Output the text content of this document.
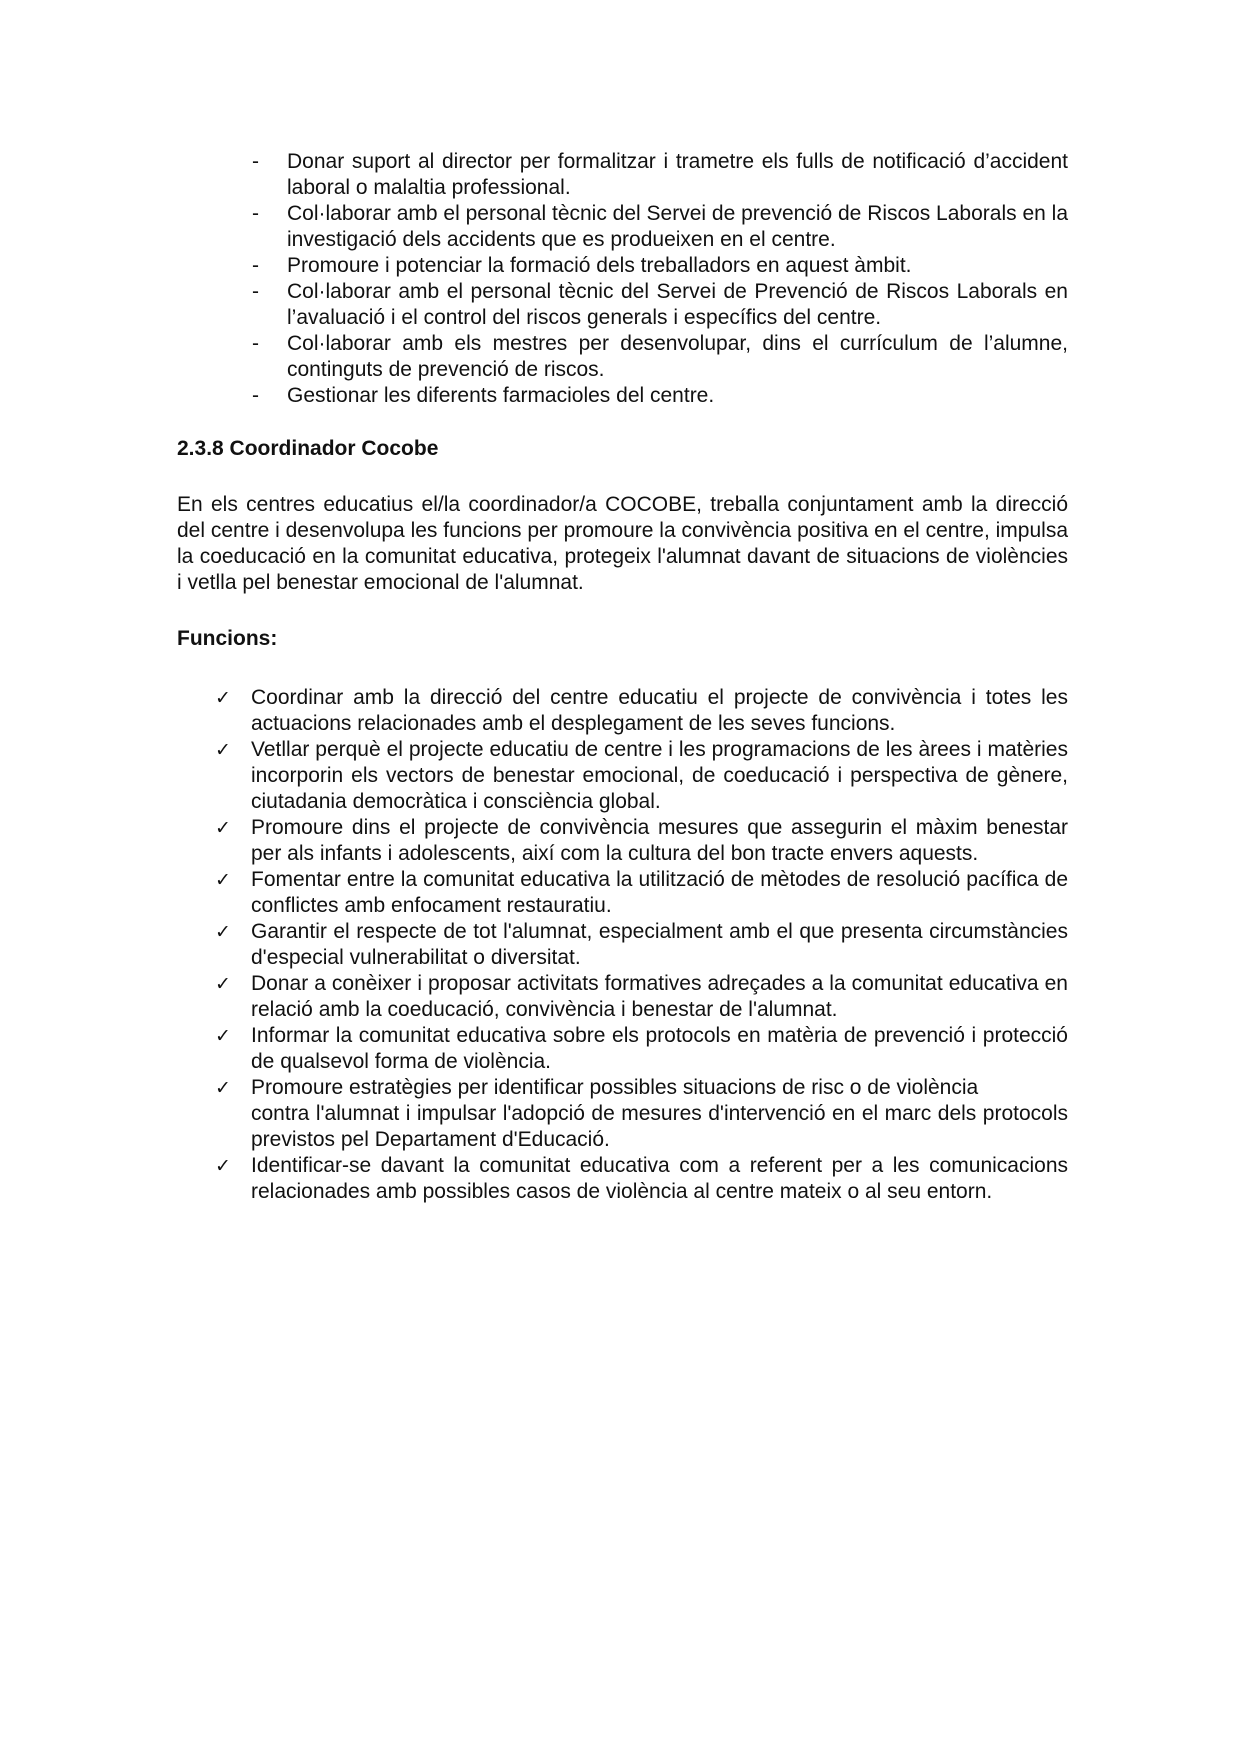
- Donar suport al director per formalitzar i trametre els fulls de notificació d’accident laboral o malaltia professional.
- Col·laborar amb el personal tècnic del Servei de prevenció de Riscos Laborals en la investigació dels accidents que es produeixen en el centre.
- Promoure i potenciar la formació dels treballadors en aquest àmbit.
- Col·laborar amb el personal tècnic del Servei de Prevenció de Riscos Laborals en l’avaluació i el control del riscos generals i específics del centre.
- Col·laborar amb els mestres per desenvolupar, dins el currículum de l’alumne, continguts de prevenció de riscos.
- Gestionar les diferents farmacioles del centre.
2.3.8 Coordinador Cocobe

En els centres educatius el/la coordinador/a COCOBE, treballa conjuntament amb la direcció del centre i desenvolupa les funcions per promoure la convivència positiva en el centre, impulsa la coeducació en la comunitat educativa, protegeix l'alumnat davant de situacions de violències i vetlla pel benestar emocional de l'alumnat.

Funcions:
✓ Coordinar amb la direcció del centre educatiu el projecte de convivència i totes les actuacions relacionades amb el desplegament de les seves funcions.
✓ Vetllar perquè el projecte educatiu de centre i les programacions de les àrees i matèries incorporin els vectors de benestar emocional, de coeducació i perspectiva de gènere, ciutadania democràtica i consciència global.
✓ Promoure dins el projecte de convivència mesures que assegurin el màxim benestar per als infants i adolescents, així com la cultura del bon tracte envers aquests.
✓ Fomentar entre la comunitat educativa la utilització de mètodes de resolució pacífica de conflictes amb enfocament restauratiu.
✓ Garantir el respecte de tot l'alumnat, especialment amb el que presenta circumstàncies d'especial vulnerabilitat o diversitat.
✓ Donar a conèixer i proposar activitats formatives adreçades a la comunitat educativa en relació amb la coeducació, convivència i benestar de l'alumnat.
✓ Informar la comunitat educativa sobre els protocols en matèria de prevenció i protecció de qualsevol forma de violència.
✓ Promoure estratègies per identificar possibles situacions de risc o de violència
contra l'alumnat i impulsar l'adopció de mesures d'intervenció en el marc dels protocols previstos pel Departament d'Educació.
✓ Identificar-se davant la comunitat educativa com a referent per a les comunicacions relacionades amb possibles casos de violència al centre mateix o al seu entorn.
